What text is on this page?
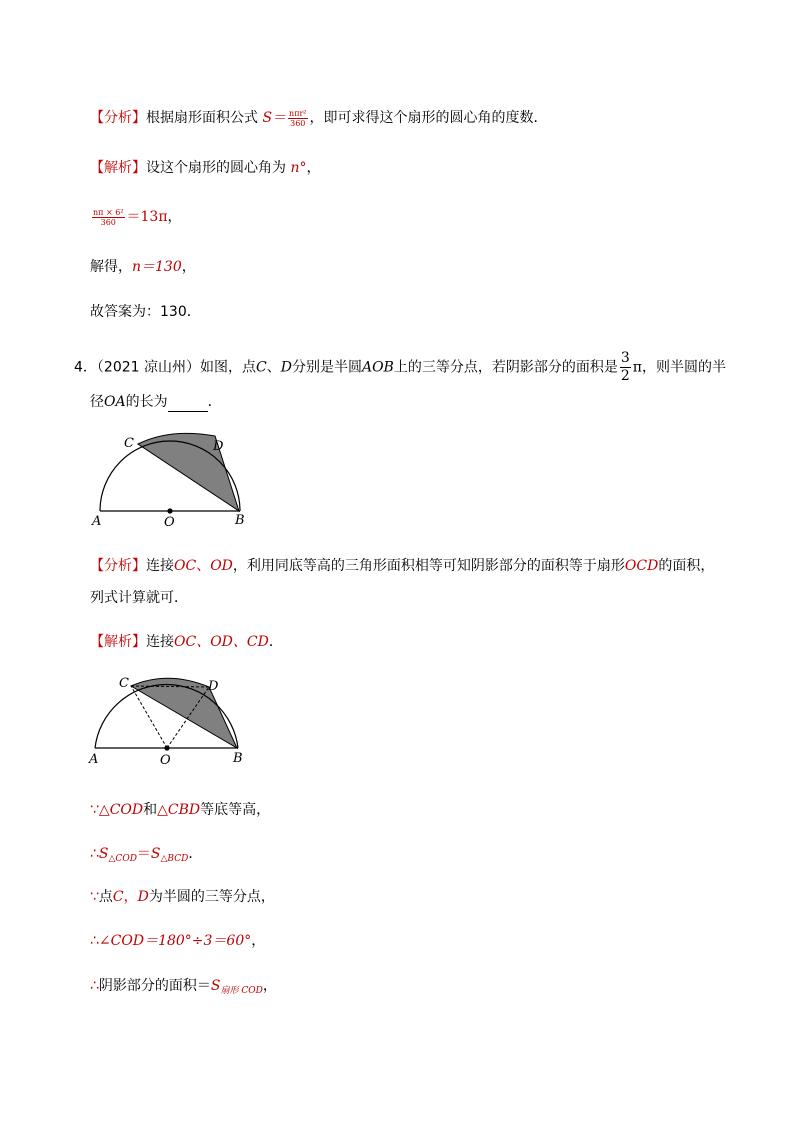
【分析】根据扇形面积公式 $S= \frac{\text{nπr²}}{360}$ ，即可求得这个扇形的圆心角的度数．
【解析】设这个扇形的圆心角为 n°，
$\frac{\text{nπ × 6²}}{360} =13\pi$，
解得，n＝130，
故答案为：130．
4．（2021 凉山州）如图，点C、D分别是半圆AOB上的三等分点，若阴影部分的面积是 $\frac{3}{2}$ π，则半圆的半
径OA的长为	．
C	D
A	O	B
【分析】连接OC、OD，利用同底等高的三角形面积相等可知阴影部分的面积等于扇形OCD的面积，
列式计算就可．
【解析】连接OC、OD、CD．
C	D
A	O	B
∵△COD和△CBD等底等高，
$\therefore S_{\triangle COD}=S_{\triangle BCD}$．
∵点C，D为半圆的三等分点，
∴∠COD＝180°÷3＝60°，
∴阴影部分的面积$=S_{扇形 COD}$，
